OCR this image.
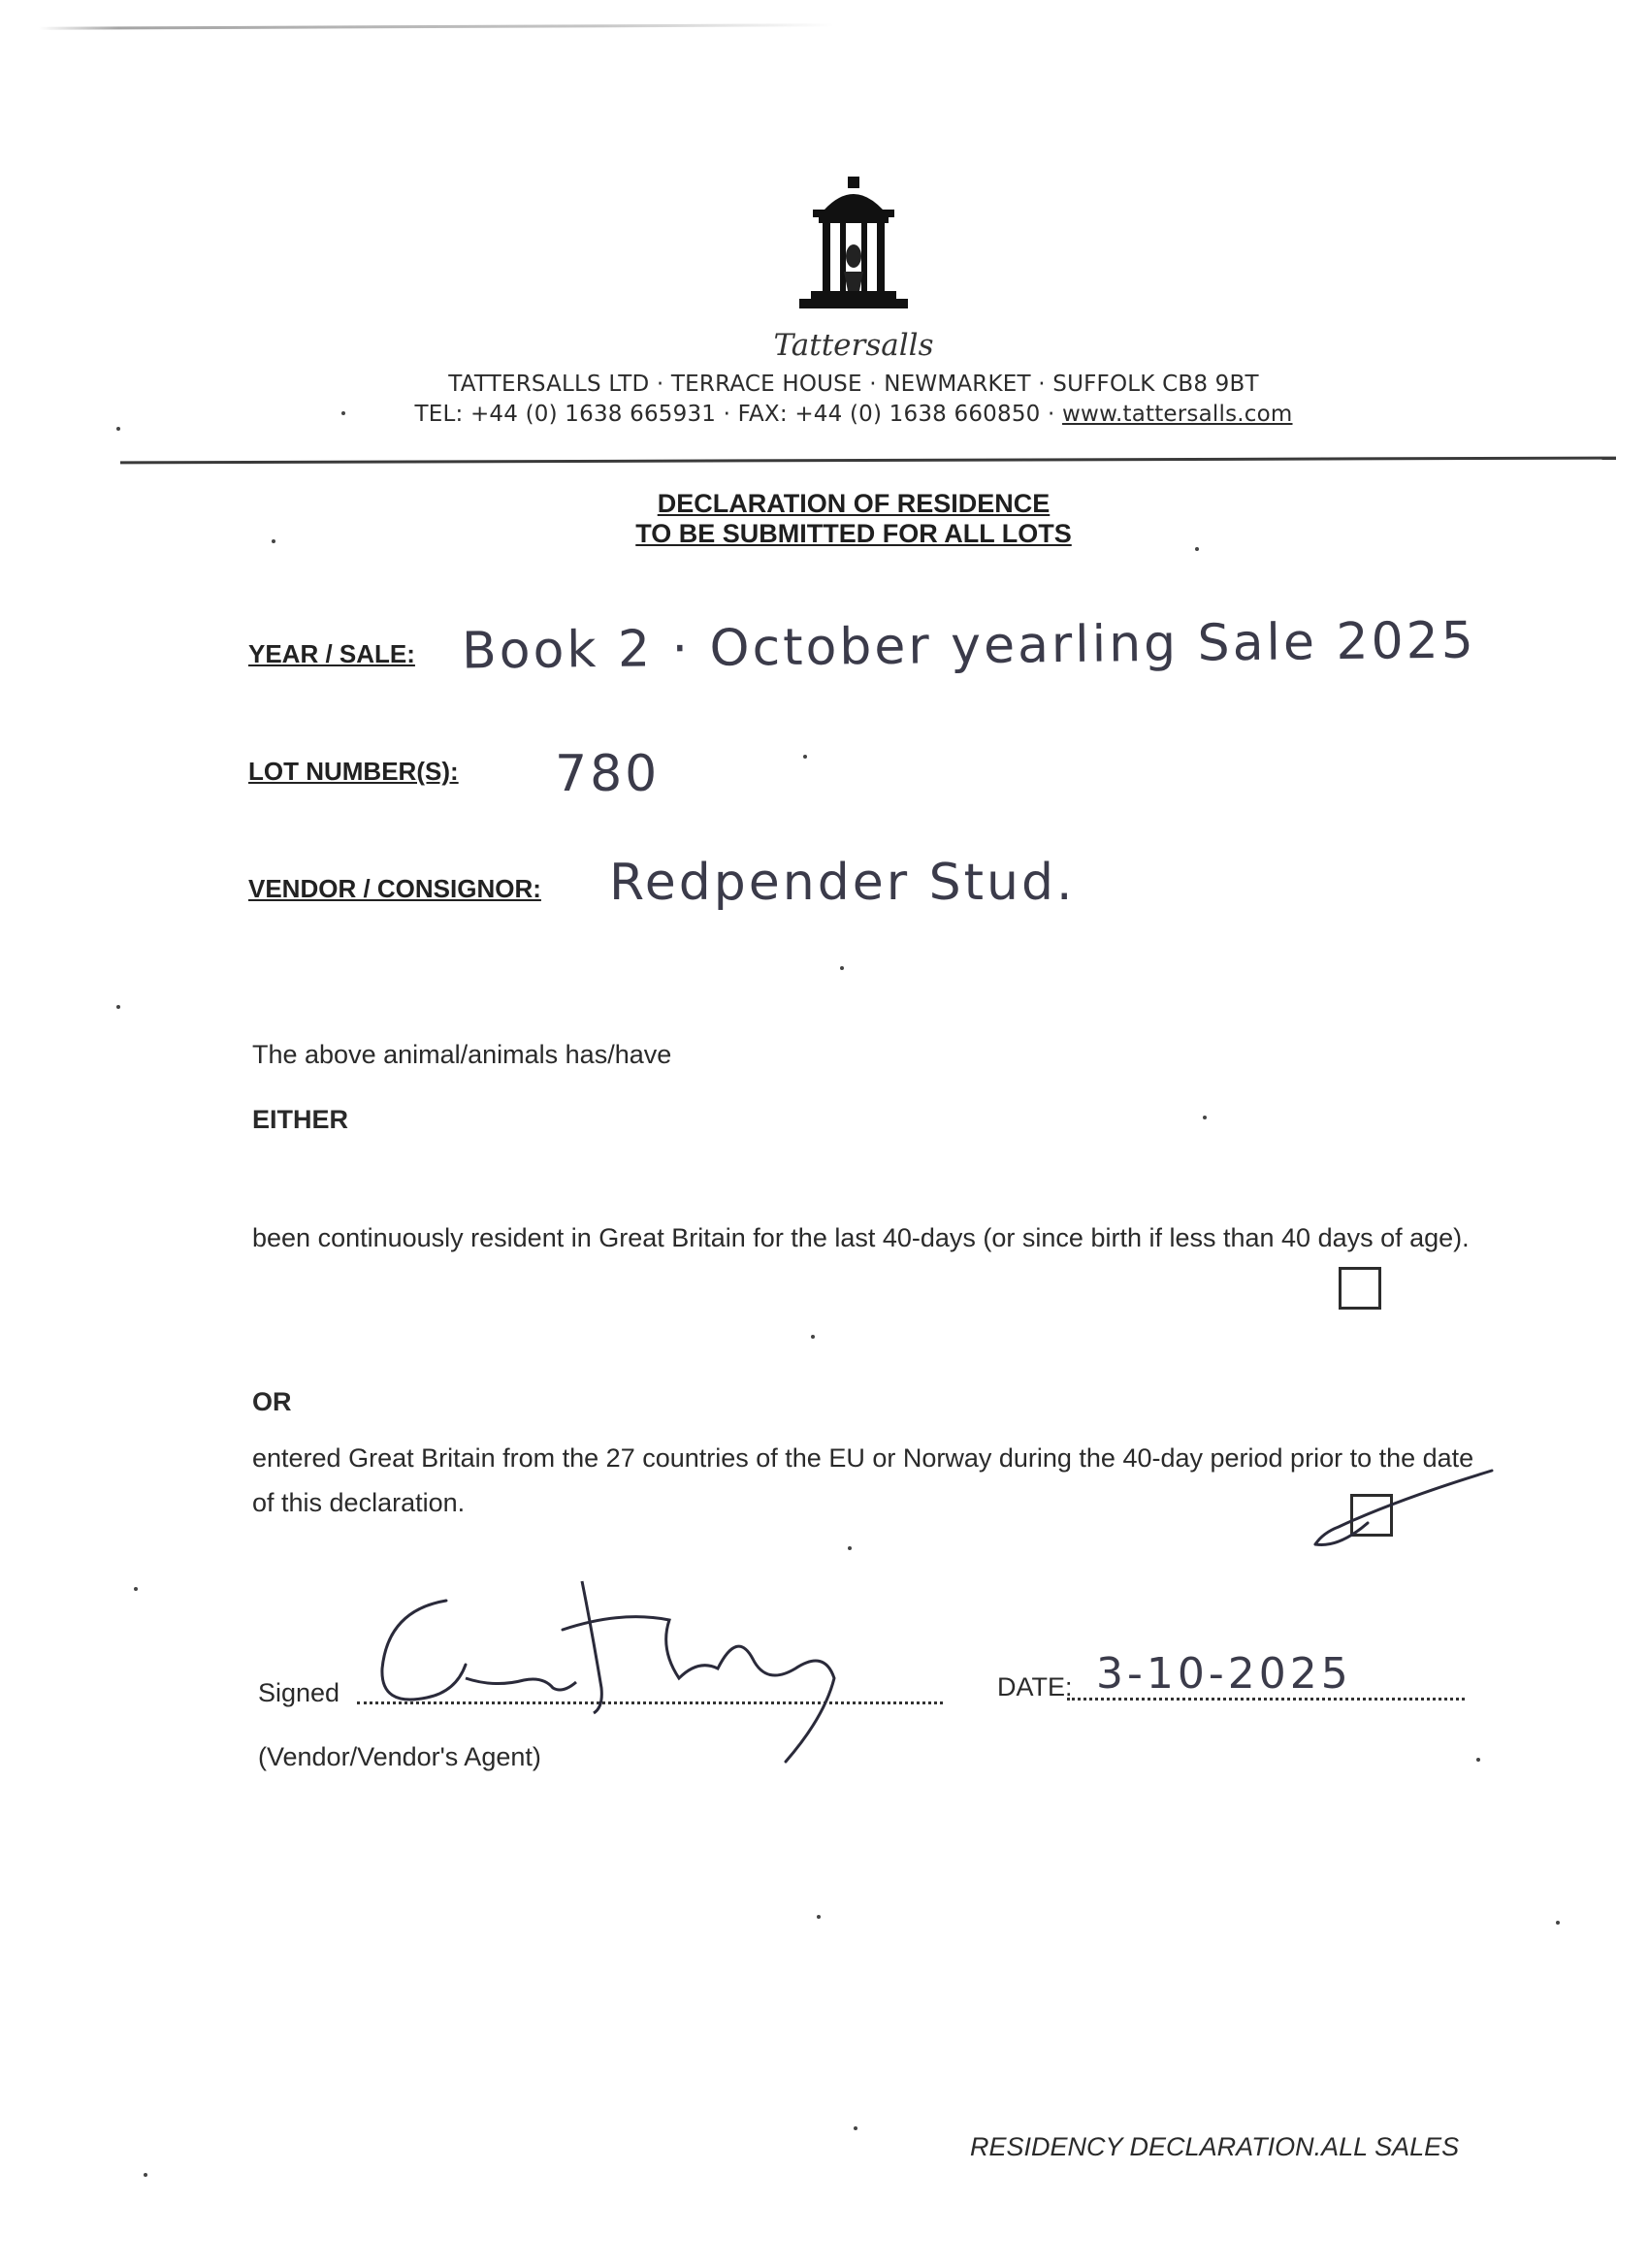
Tattersalls
TATTERSALLS LTD · TERRACE HOUSE · NEWMARKET · SUFFOLK CB8 9BT
TEL: +44 (0) 1638 665931 · FAX: +44 (0) 1638 660850 · www.tattersalls.com
DECLARATION OF RESIDENCE
TO BE SUBMITTED FOR ALL LOTS
YEAR / SALE: Book 2 · October yearling Sale 2025
LOT NUMBER(S): 780
VENDOR / CONSIGNOR: Redpender Stud.
The above animal/animals has/have
EITHER
been continuously resident in Great Britain for the last 40-days (or since birth if less than 40 days of age).
OR
entered Great Britain from the 27 countries of the EU or Norway during the 40-day period prior to the date of this declaration.
Signed	DATE: 3-10-2025
(Vendor/Vendor's Agent)
RESIDENCY DECLARATION.ALL SALES
